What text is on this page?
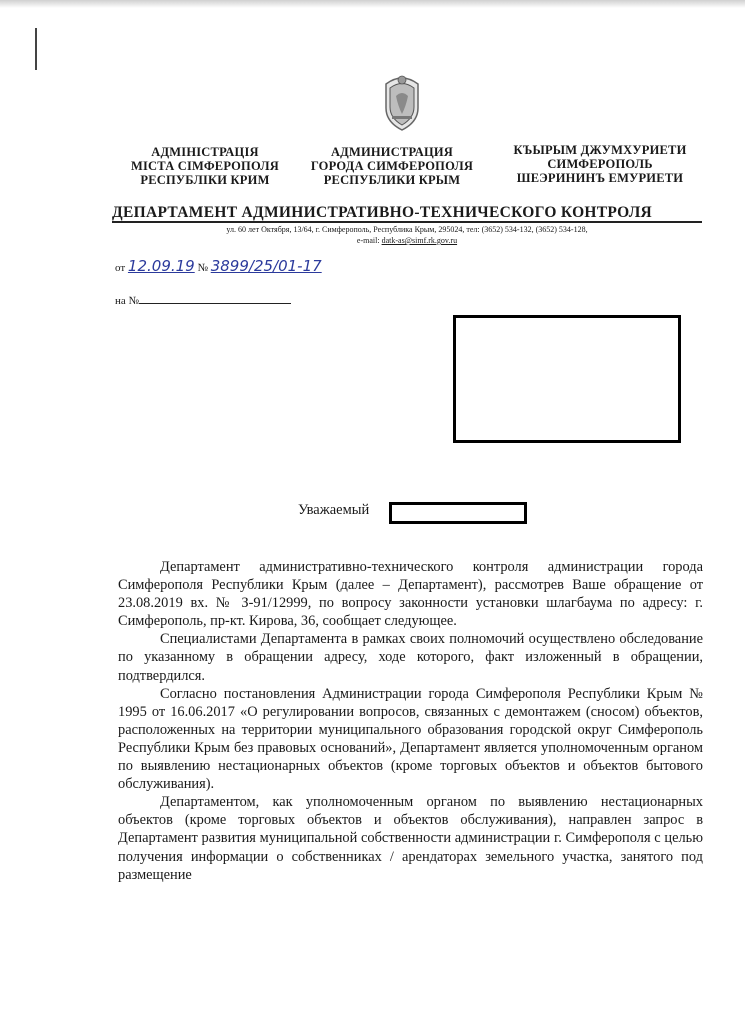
АДМІНІСТРАЦІЯ
МІСТА СІМФЕРОПОЛЯ
РЕСПУБЛІКИ КРИМ
АДМИНИСТРАЦИЯ
ГОРОДА СИМФЕРОПОЛЯ
РЕСПУБЛИКИ КРЫМ
КЪЫРЫМ ДЖУМХУРИЕТИ
СИМФЕРОПОЛЬ
ШЕЭРИНИНЪ ЕМУРИЕТИ
ДЕПАРТАМЕНТ АДМИНИСТРАТИВНО-ТЕХНИЧЕСКОГО КОНТРОЛЯ
ул. 60 лет Октября, 13/64, г. Симферополь, Республика Крым, 295024, тел: (3652) 534-132, (3652) 534-128,
e-mail: datk-as@simf.rk.gov.ru
от 12.09.19 № 3899/25/01-17
на №
Уважаемый

Департамент административно-технического контроля администрации города Симферополя Республики Крым (далее – Департамент), рассмотрев Ваше обращение от 23.08.2019 вх. № З-91/12999, по вопросу законности установки шлагбаума по адресу: г. Симферополь, пр-кт. Кирова, 36, сообщает следующее.

Специалистами Департамента в рамках своих полномочий осуществлено обследование по указанному в обращении адресу, ходе которого, факт изложенный в обращении, подтвердился.

Согласно постановления Администрации города Симферополя Республики Крым № 1995 от 16.06.2017 «О регулировании вопросов, связанных с демонтажем (сносом) объектов, расположенных на территории муниципального образования городской округ Симферополь Республики Крым без правовых оснований», Департамент является уполномоченным органом по выявлению нестационарных объектов (кроме торговых объектов и объектов бытового обслуживания).

Департаментом, как уполномоченным органом по выявлению нестационарных объектов (кроме торговых объектов и объектов обслуживания), направлен запрос в Департамент развития муниципальной собственности администрации г. Симферополя с целью получения информации о собственниках / арендаторах земельного участка, занятого под размещение
